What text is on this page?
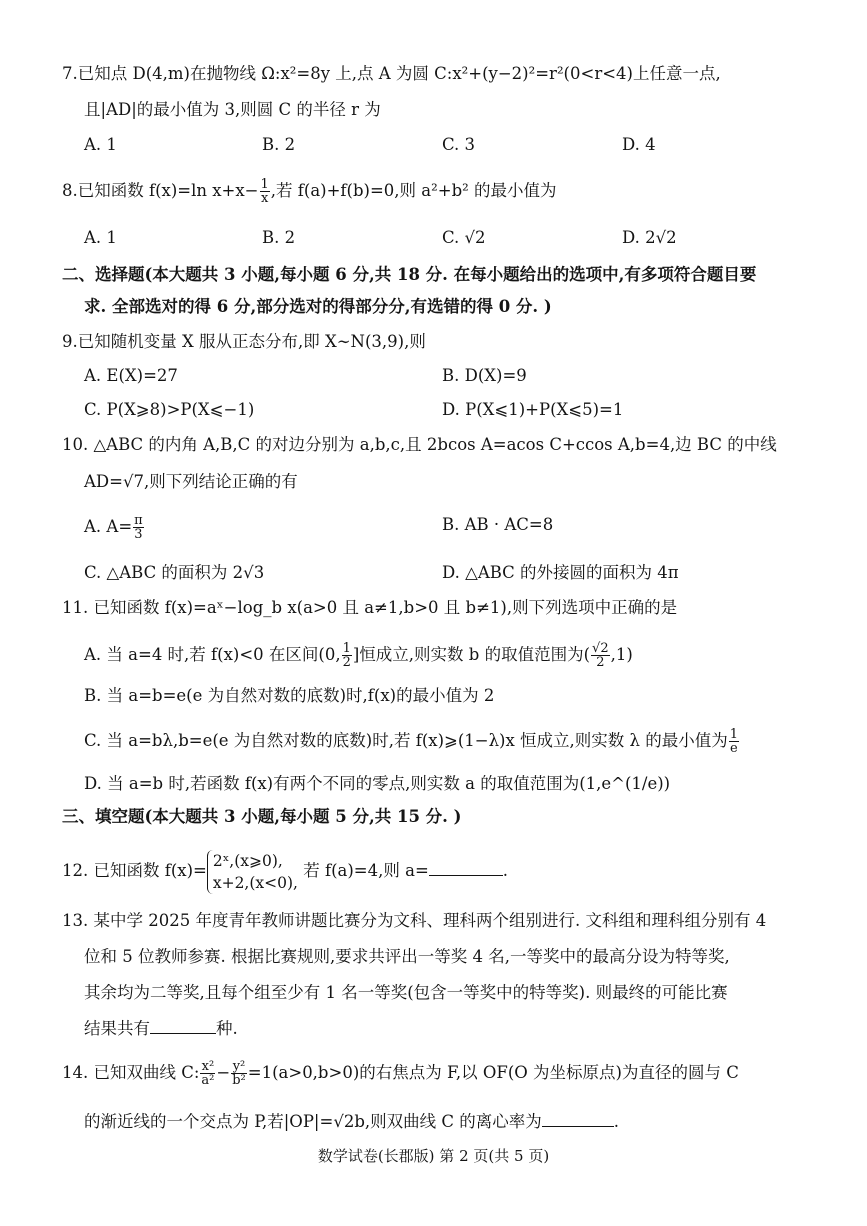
7.已知点 D(4,m)在抛物线 Ω:x²=8y 上,点 A 为圆 C:x²+(y−2)²=r²(0<r<4)上任意一点,
且|AD|的最小值为 3,则圆 C 的半径 r 为
A. 1	B. 2	C. 3	D. 4
8.已知函数 f(x)=ln $x+x- \frac{1}{x}$ ,若 f(a)+f(b)=0,则 a²+b² 的最小值为
A. 1	B. 2	C. √2	D. 2√2
二、选择题(本大题共 3 小题,每小题 6 分,共 18 分. 在每小题给出的选项中,有多项符合题目要
求. 全部选对的得 6 分,部分选对的得部分分,有选错的得 0 分. )
9.已知随机变量 X 服从正态分布,即 X∼N(3,9),则
A. E(X)=27	B. D(X)=9
C. P(X⩾8)>P(X⩽−1)	D. P(X⩽1)+P(X⩽5)=1
10. △ABC 的内角 A,B,C 的对边分别为 a,b,c,且 2bcos A=acos C+ccos A,b=4,边 BC 的中线
AD=√7,则下列结论正确的有
A. $A= \frac{\pi}{3}$	B. AB · AC=8
C. △ABC 的面积为 2√3	D. △ABC 的外接圆的面积为 4π
11. 已知函数 f(x)=aˣ−log_b x(a>0 且 a≠1,b>0 且 b≠1),则下列选项中正确的是
A. 当 a=4 时,若 f(x)<0 在区间(0, $\frac{1}{2}$ ]恒成立,则实数 b 的取值范围为( $\frac{√2}{2} ,1$)
B. 当 a=b=e(e 为自然对数的底数)时,f(x)的最小值为 2
C. 当 a=bλ,b=e(e 为自然对数的底数)时,若 f(x)⩾(1−λ)x 恒成立,则实数 λ 的最小值为 $\frac{1}{e}$
D. 当 a=b 时,若函数 f(x)有两个不同的零点,则实数 a 的取值范围为(1,e^(1/e))
三、填空题(本大题共 3 小题,每小题 5 分,共 15 分. )
12. 已知函数 f(x)=
2ˣ,(x⩾0),
x+2,(x<0),
若 f(a)=4,则 a=	.
13. 某中学 2025 年度青年教师讲题比赛分为文科、理科两个组别进行. 文科组和理科组分别有 4
位和 5 位教师参赛. 根据比赛规则,要求共评出一等奖 4 名,一等奖中的最高分设为特等奖,
其余均为二等奖,且每个组至少有 1 名一等奖(包含一等奖中的特等奖). 则最终的可能比赛
结果共有	种.
14. 已知双曲线 C: $\frac{\text{x²}}{\text{a²}} - \frac{\text{y²}}{\text{b²}} =1(a>0,b>0)$的右焦点为 F,以 OF(O 为坐标原点)为直径的圆与 C
的渐近线的一个交点为 P,若|OP|=√2b,则双曲线 C 的离心率为	.
数学试卷(长郡版) 第 2 页(共 5 页)
